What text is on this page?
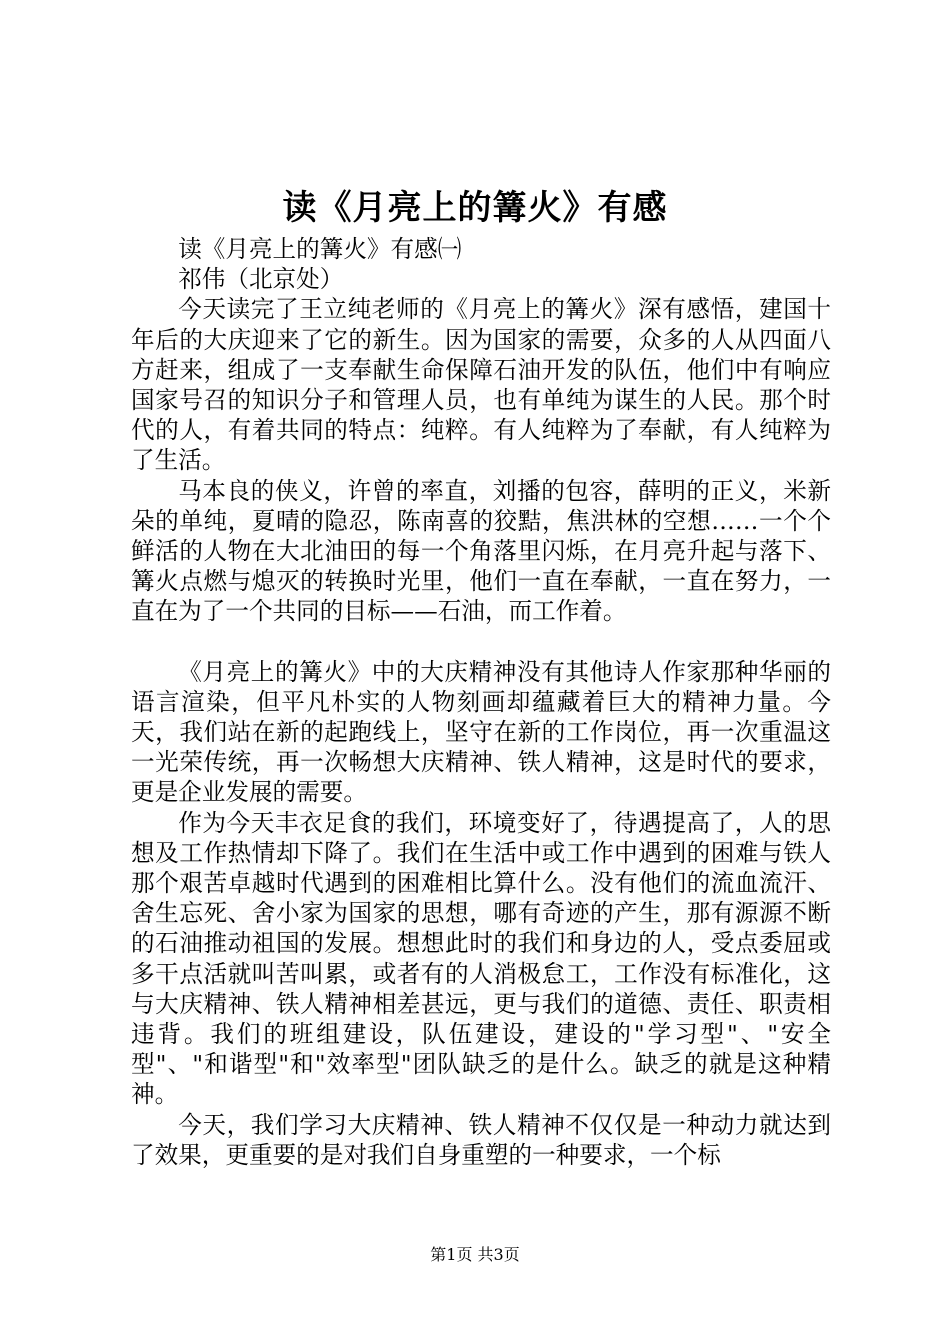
读《月亮上的篝火》有感

读《月亮上的篝火》有感㈠

祁伟（北京处）

今天读完了王立纯老师的《月亮上的篝火》深有感悟，建国十年后的大庆迎来了它的新生。因为国家的需要，众多的人从四面八方赶来，组成了一支奉献生命保障石油开发的队伍，他们中有响应国家号召的知识分子和管理人员，也有单纯为谋生的人民。那个时代的人，有着共同的特点：纯粹。有人纯粹为了奉献，有人纯粹为了生活。

马本良的侠义，许曾的率直，刘播的包容，薛明的正义，米新朵的单纯，夏晴的隐忍，陈南喜的狡黠，焦洪林的空想……一个个鲜活的人物在大北油田的每一个角落里闪烁，在月亮升起与落下、篝火点燃与熄灭的转换时光里，他们一直在奉献，一直在努力，一直在为了一个共同的目标——石油，而工作着。

《月亮上的篝火》中的大庆精神没有其他诗人作家那种华丽的语言渲染，但平凡朴实的人物刻画却蕴藏着巨大的精神力量。今天，我们站在新的起跑线上，坚守在新的工作岗位，再一次重温这一光荣传统，再一次畅想大庆精神、铁人精神，这是时代的要求，更是企业发展的需要。

作为今天丰衣足食的我们，环境变好了，待遇提高了，人的思想及工作热情却下降了。我们在生活中或工作中遇到的困难与铁人那个艰苦卓越时代遇到的困难相比算什么。没有他们的流血流汗、舍生忘死、舍小家为国家的思想，哪有奇迹的产生，那有源源不断的石油推动祖国的发展。想想此时的我们和身边的人，受点委屈或多干点活就叫苦叫累，或者有的人消极怠工，工作没有标准化，这与大庆精神、铁人精神相差甚远，更与我们的道德、责任、职责相违背。我们的班组建设，队伍建设，建设的"学习型"、"安全型"、"和谐型"和"效率型"团队缺乏的是什么。缺乏的就是这种精神。

今天，我们学习大庆精神、铁人精神不仅仅是一种动力就达到了效果，更重要的是对我们自身重塑的一种要求，一个标

第1页 共3页
